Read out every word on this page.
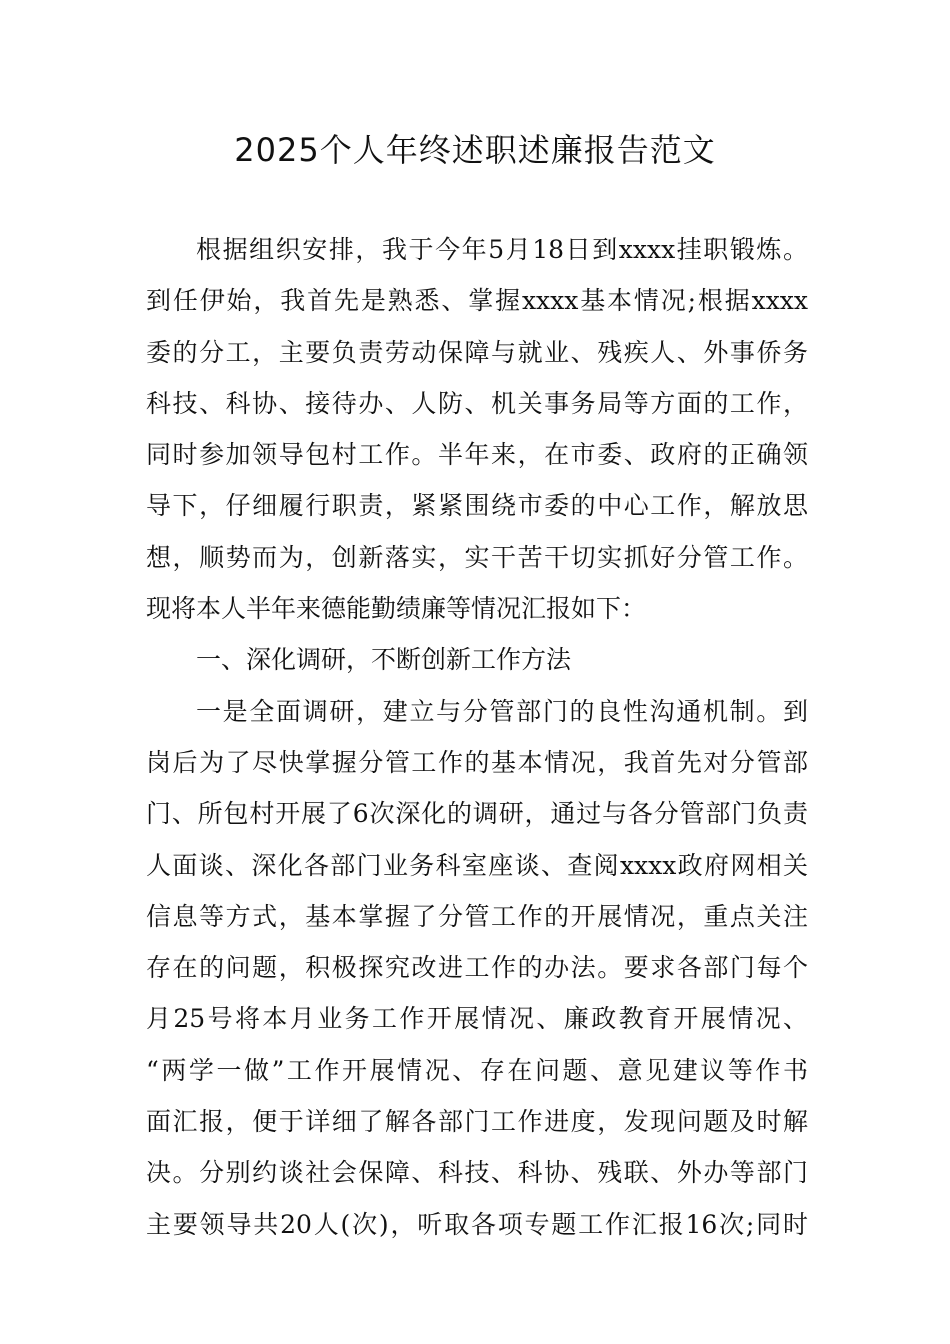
2025个人年终述职述廉报告范文
根据组织安排，我于今年5月18日到xxxx挂职锻炼。
到任伊始，我首先是熟悉、掌握xxxx基本情况;根据xxxx
委的分工，主要负责劳动保障与就业、残疾人、外事侨务
科技、科协、接待办、人防、机关事务局等方面的工作，
同时参加领导包村工作。半年来，在市委、政府的正确领
导下，仔细履行职责，紧紧围绕市委的中心工作，解放思
想，顺势而为，创新落实，实干苦干切实抓好分管工作。
现将本人半年来德能勤绩廉等情况汇报如下：
一、深化调研，不断创新工作方法
一是全面调研，建立与分管部门的良性沟通机制。到
岗后为了尽快掌握分管工作的基本情况，我首先对分管部
门、所包村开展了6次深化的调研，通过与各分管部门负责
人面谈、深化各部门业务科室座谈、查阅xxxx政府网相关
信息等方式，基本掌握了分管工作的开展情况，重点关注
存在的问题，积极探究改进工作的办法。要求各部门每个
月25号将本月业务工作开展情况、廉政教育开展情况、
“两学一做”工作开展情况、存在问题、意见建议等作书
面汇报，便于详细了解各部门工作进度，发现问题及时解
决。分别约谈社会保障、科技、科协、残联、外办等部门
主要领导共20人(次)，听取各项专题工作汇报16次;同时
